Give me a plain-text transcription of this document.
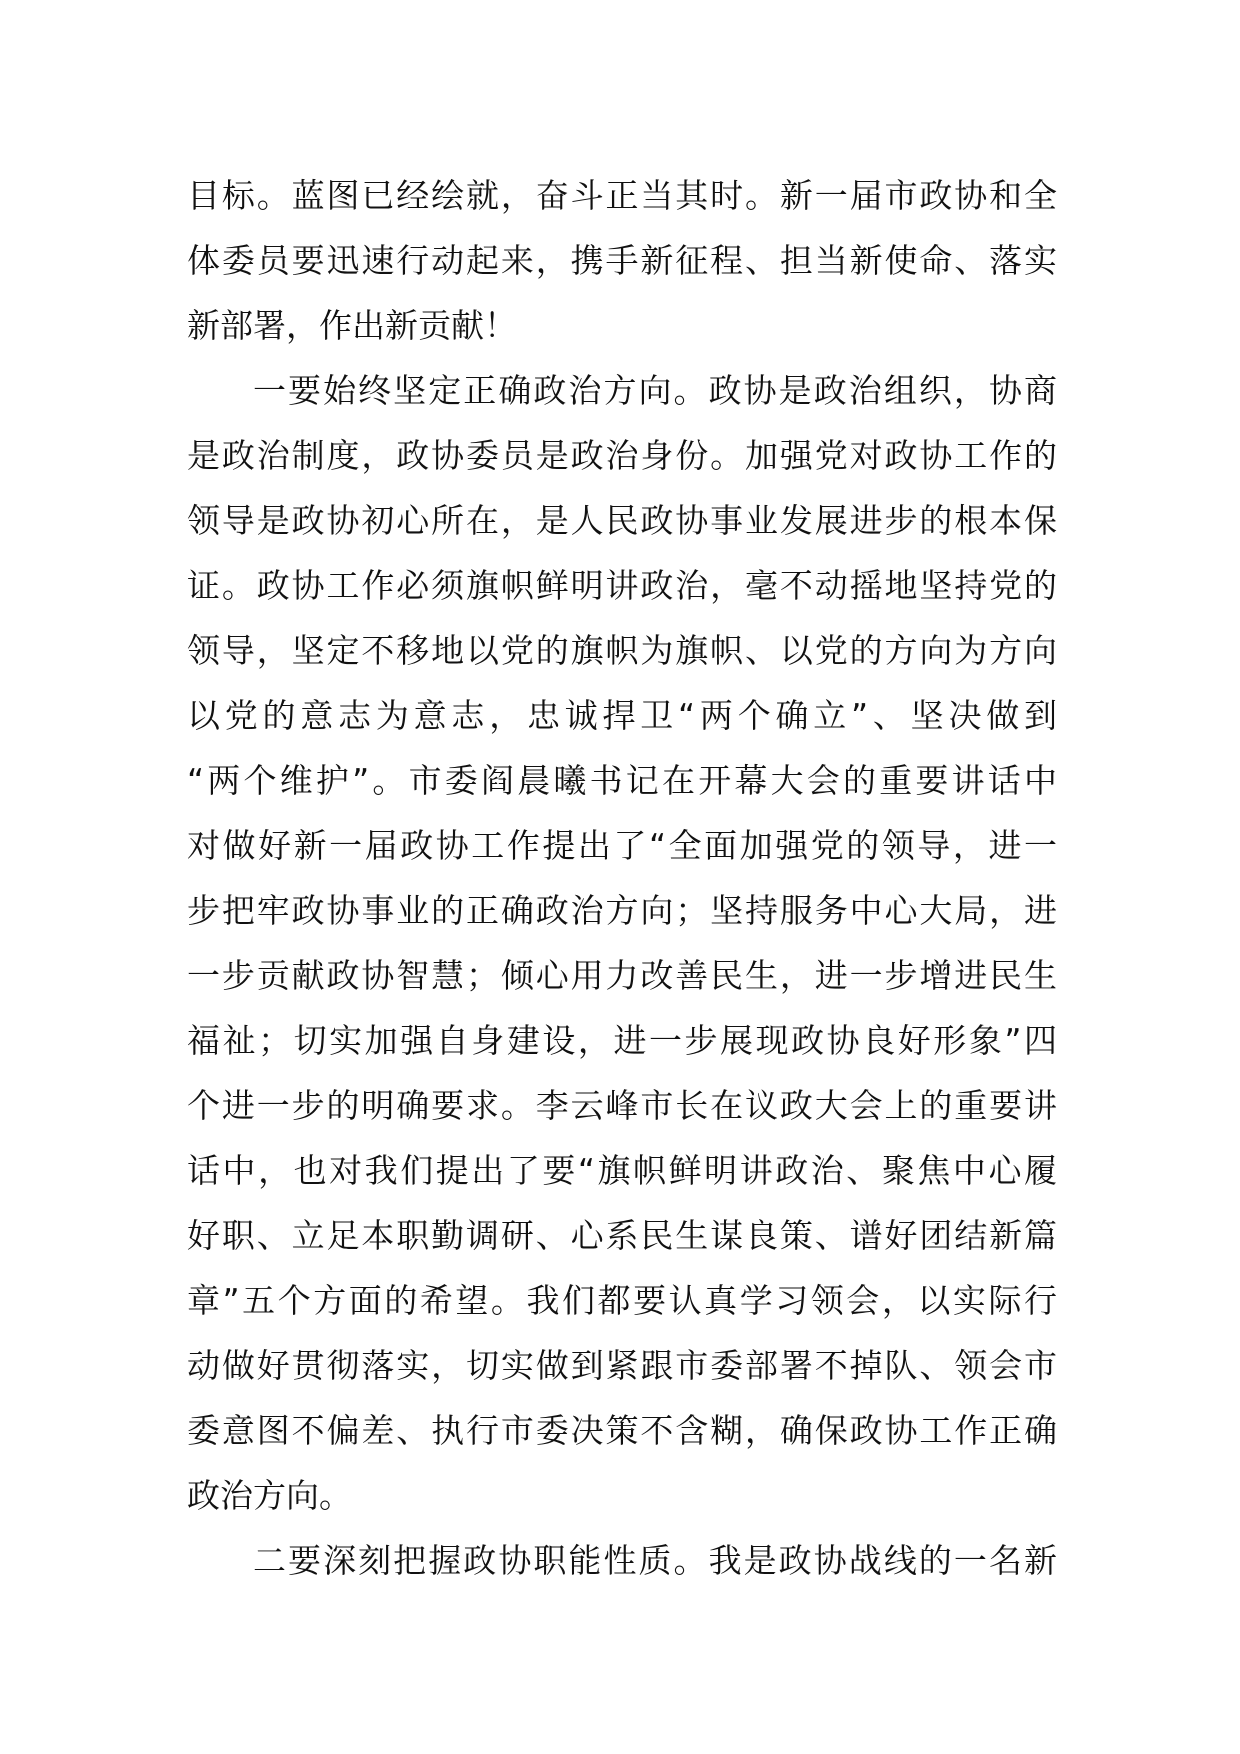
目标。蓝图已经绘就，奋斗正当其时。新一届市政协和全
体委员要迅速行动起来，携手新征程、担当新使命、落实
新部署，作出新贡献！
一要始终坚定正确政治方向。政协是政治组织，协商
是政治制度，政协委员是政治身份。加强党对政协工作的
领导是政协初心所在，是人民政协事业发展进步的根本保
证。政协工作必须旗帜鲜明讲政治，毫不动摇地坚持党的
领导，坚定不移地以党的旗帜为旗帜、以党的方向为方向
以党的意志为意志，忠诚捍卫“两个确立”、坚决做到
“两个维护”。市委阎晨曦书记在开幕大会的重要讲话中
对做好新一届政协工作提出了“全面加强党的领导，进一
步把牢政协事业的正确政治方向；坚持服务中心大局，进
一步贡献政协智慧；倾心用力改善民生，进一步增进民生
福祉；切实加强自身建设，进一步展现政协良好形象”四
个进一步的明确要求。李云峰市长在议政大会上的重要讲
话中，也对我们提出了要“旗帜鲜明讲政治、聚焦中心履
好职、立足本职勤调研、心系民生谋良策、谱好团结新篇
章”五个方面的希望。我们都要认真学习领会，以实际行
动做好贯彻落实，切实做到紧跟市委部署不掉队、领会市
委意图不偏差、执行市委决策不含糊，确保政协工作正确
政治方向。
二要深刻把握政协职能性质。我是政协战线的一名新
